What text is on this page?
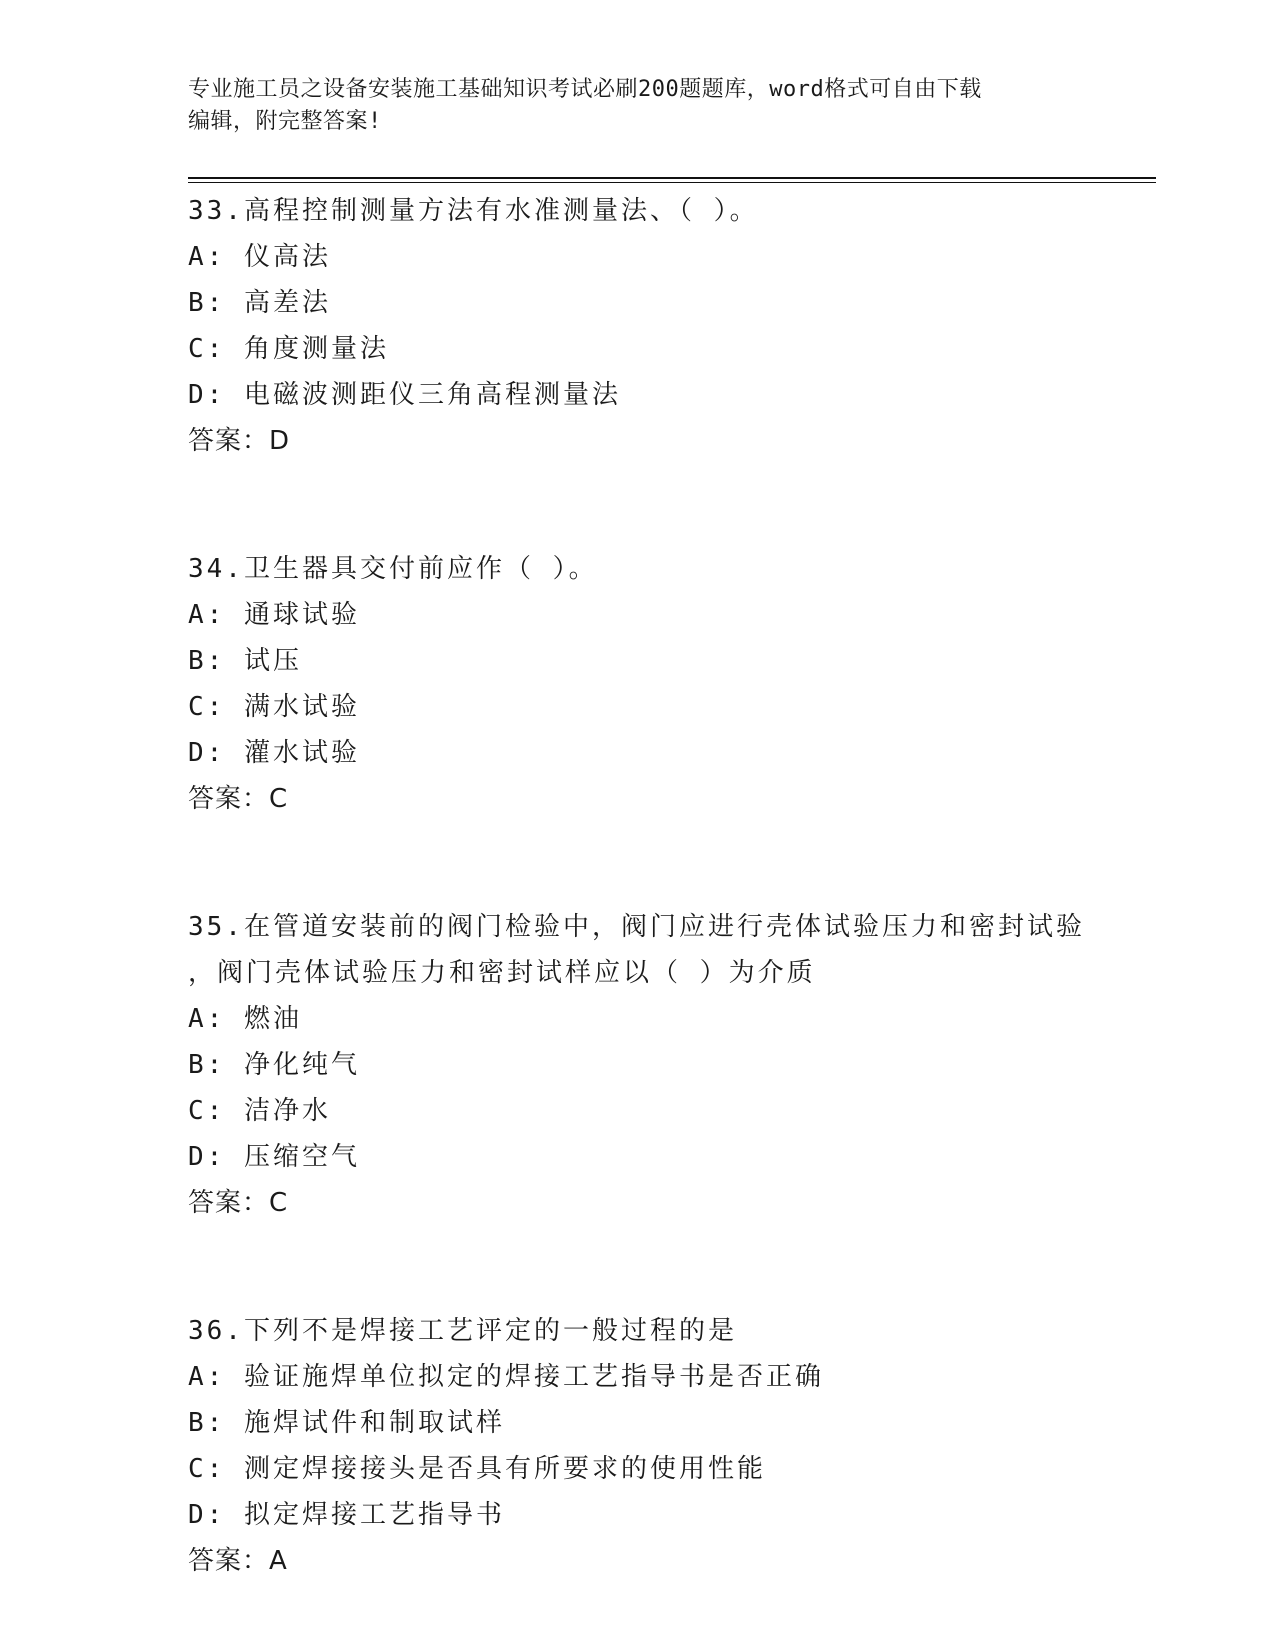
专业施工员之设备安装施工基础知识考试必刷200题题库，word格式可自由下载
编辑，附完整答案!
33.高程控制测量方法有水准测量法、（ ）。
A: 仪高法
B: 高差法
C: 角度测量法
D: 电磁波测距仪三角高程测量法
答案：D
34.卫生器具交付前应作（ ）。
A: 通球试验
B: 试压
C: 满水试验
D: 灌水试验
答案：C
35.在管道安装前的阀门检验中，阀门应进行壳体试验压力和密封试验
，阀门壳体试验压力和密封试样应以（ ）为介质
A: 燃油
B: 净化纯气
C: 洁净水
D: 压缩空气
答案：C
36.下列不是焊接工艺评定的一般过程的是
A: 验证施焊单位拟定的焊接工艺指导书是否正确
B: 施焊试件和制取试样
C: 测定焊接接头是否具有所要求的使用性能
D: 拟定焊接工艺指导书
答案：A
